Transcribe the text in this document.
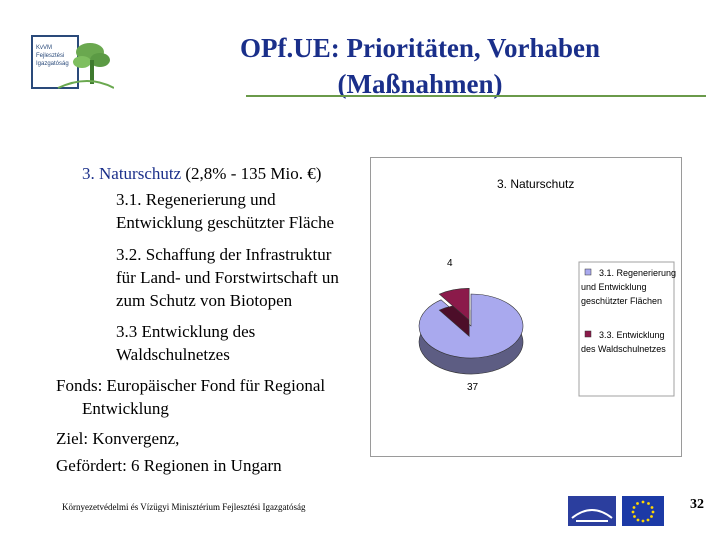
KvVM
Fejlesztési
Igazgatóság
OPf.UE: Prioritäten, Vorhaben
(Maßnahmen)
3. Naturschutz (2,8% - 135 Mio. €)
3.1. Regenerierung und
Entwicklung geschützter Fläche
3.2. Schaffung der Infrastruktur
für Land- und Forstwirtschaft un
zum Schutz von Biotopen
3.3 Entwicklung des
Waldschulnetzes
Fonds: Europäischer Fond für Regional
Entwicklung
Ziel: Konvergenz,
Gefördert: 6 Regionen in Ungarn
3. Naturschutz
37
4
3.1. Regenerierung
und Entwicklung
geschützter Flächen
3.3. Entwicklung
des Waldschulnetzes
Környezetvédelmi és Vízügyi Minisztérium Fejlesztési Igazgatóság	32
